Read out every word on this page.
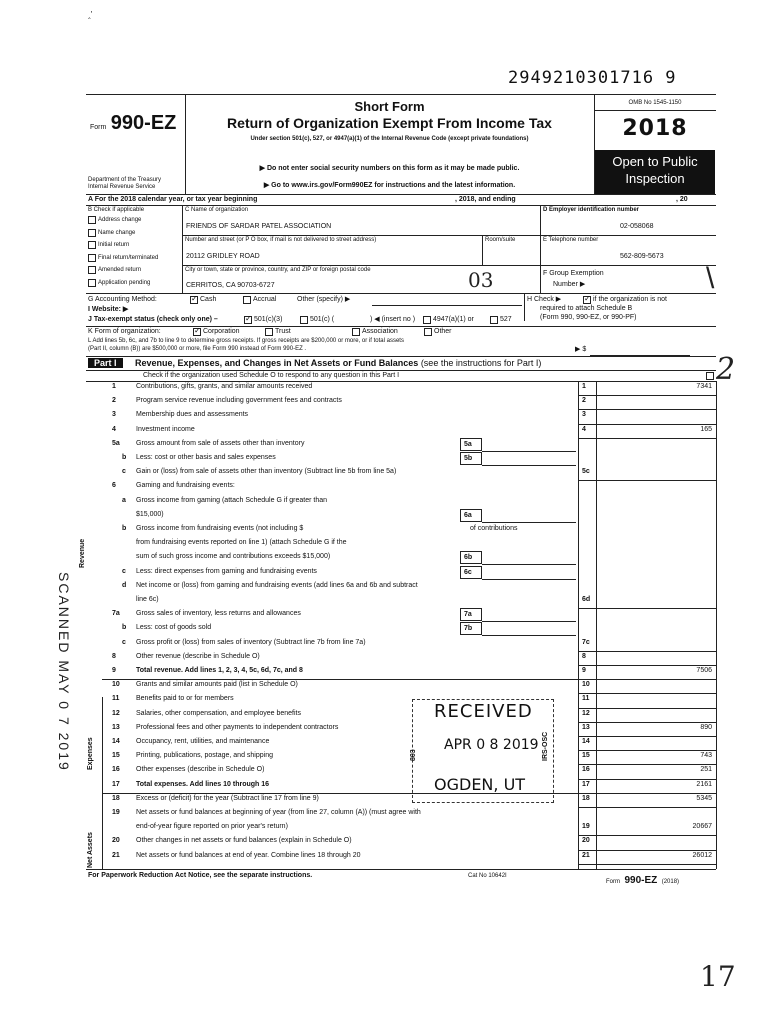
‸'
2949210301716 9
Form 990-EZ
Department of the Treasury
Internal Revenue Service
Short Form
Return of Organization Exempt From Income Tax
Under section 501(c), 527, or 4947(a)(1) of the Internal Revenue Code (except private foundations)
▶ Do not enter social security numbers on this form as it may be made public.
▶ Go to www.irs.gov/Form990EZ for instructions and the latest information.
OMB No 1545-1150
2018
Open to Public Inspection
A For the 2018 calendar year, or tax year beginning	, 2018, and ending	, 20
B Check if applicable
Address change
Name change
Initial return
Final return/terminated
Amended return
Application pending
C Name of organization
FRIENDS OF SARDAR PATEL ASSOCIATION
Number and street (or P O box, if mail is not delivered to street address)	Room/suite
20112 GRIDLEY ROAD
City or town, state or province, country, and ZIP or foreign postal code
CERRITOS, CA 90703-6727	03
D Employer identification number
02-058068
E Telephone number
562-809-5673
F Group Exemption
Number ▶	\
G Accounting Method: ✓	Cash	Accrual	Other (specify) ▶	H Check ▶ ✓	if the organization is not
required to attach Schedule B
(Form 990, 990-EZ, or 990-PF)
I Website: ▶
J Tax-exempt status (check only one) – ✓	501(c)(3)	501(c) (	) ◀ (insert no )	4947(a)(1) or	527
K Form of organization: ✓	Corporation	Trust	Association	Other
L Add lines 5b, 6c, and 7b to line 9 to determine gross receipts. If gross receipts are $200,000 or more, or if total assets
(Part II, column (B)) are $500,000 or more, file Form 990 instead of Form 990-EZ .	▶ $
Part I Revenue, Expenses, and Changes in Net Assets or Fund Balances (see the instructions for Part I)
Check if the organization used Schedule O to respond to any question in this Part I	2
1	Contributions, gifts, grants, and similar amounts received	1	7341
2	Program service revenue including government fees and contracts	2
3	Membership dues and assessments	3
4	Investment income	4	165
5a Gross amount from sale of assets other than inventory	5a
b Less: cost or other basis and sales expenses	5b
c Gain or (loss) from sale of assets other than inventory (Subtract line 5b from line 5a)	5c
6	Gaming and fundraising events:
a Gross income from gaming (attach Schedule G if greater than
$15,000)	6a
b Gross income from fundraising events (not including $	of contributions
from fundraising events reported on line 1) (attach Schedule G if the
sum of such gross income and contributions exceeds $15,000)	6b
c Less: direct expenses from gaming and fundraising events	6c
d Net income or (loss) from gaming and fundraising events (add lines 6a and 6b and subtract
line 6c)	6d
7a Gross sales of inventory, less returns and allowances	7a
b Less: cost of goods sold	7b
c Gross profit or (loss) from sales of inventory (Subtract line 7b from line 7a)	7c
8	Other revenue (describe in Schedule O)	8
9	Total revenue. Add lines 1, 2, 3, 4, 5c, 6d, 7c, and 8	9	7506
10 Grants and similar amounts paid (list in Schedule O)	10
11 Benefits paid to or for members	11
12 Salaries, other compensation, and employee benefits	12
13 Professional fees and other payments to independent contractors	13	890
14 Occupancy, rent, utilities, and maintenance	14
15 Printing, publications, postage, and shipping	15	743
16 Other expenses (describe in Schedule O)	16	251
17 Total expenses. Add lines 10 through 16	17	2161
18 Excess or (deficit) for the year (Subtract line 17 from line 9)	18	5345
19 Net assets or fund balances at beginning of year (from line 27, column (A)) (must agree with
end-of-year figure reported on prior year's return)	19	20667
20 Other changes in net assets or fund balances (explain in Schedule O)	20
21 Net assets or fund balances at end of year. Combine lines 18 through 20	21	26012
Revenue
Expenses
Net Assets
SCANNED MAY 0 7 2019	RECEIVED
APR 0 8 2019
OGDEN, UT
803	IRS-OSC
For Paperwork Reduction Act Notice, see the separate instructions.	Cat No 10642I
Form 990-EZ (2018)
17
